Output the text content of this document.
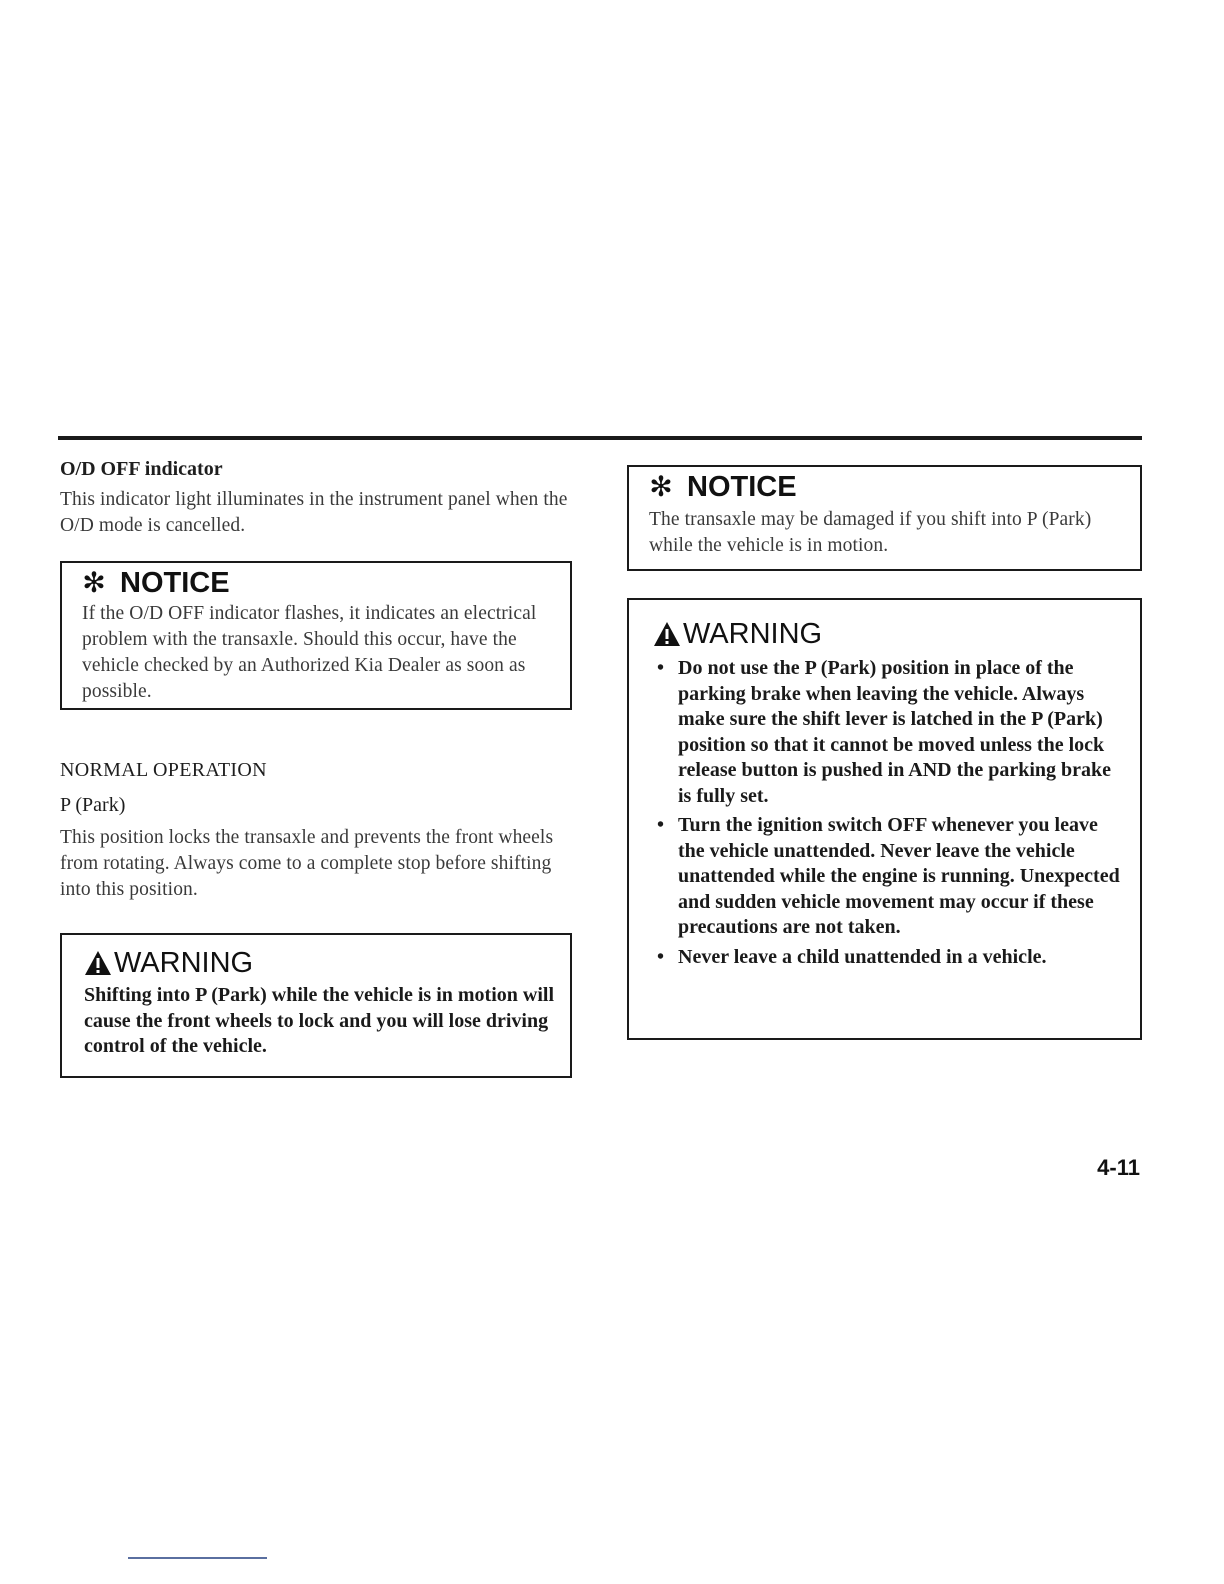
O/D OFF indicator

This indicator light illuminates in the instrument panel when the O/D mode is cancelled.

✻ NOTICE

If the O/D OFF indicator flashes, it indicates an electrical problem with the transaxle. Should this occur, have the vehicle checked by an Authorized Kia Dealer as soon as possible.

NORMAL OPERATION

P (Park)

This position locks the transaxle and prevents the front wheels from rotating. Always come to a complete stop before shifting into this position.

WARNING

Shifting into P (Park) while the vehicle is in motion will cause the front wheels to lock and you will lose driving control of the vehicle.

✻ NOTICE

The transaxle may be damaged if you shift into P (Park) while the vehicle is in motion.

WARNING
• Do not use the P (Park) position in place of the parking brake when leaving the vehicle. Always make sure the shift lever is latched in the P (Park) position so that it cannot be moved unless the lock release button is pushed in AND the parking brake is fully set.
• Turn the ignition switch OFF whenever you leave the vehicle unattended. Never leave the vehicle unattended while the engine is running. Unexpected and sudden vehicle movement may occur if these precautions are not taken.
• Never leave a child unattended in a vehicle.
4-11
